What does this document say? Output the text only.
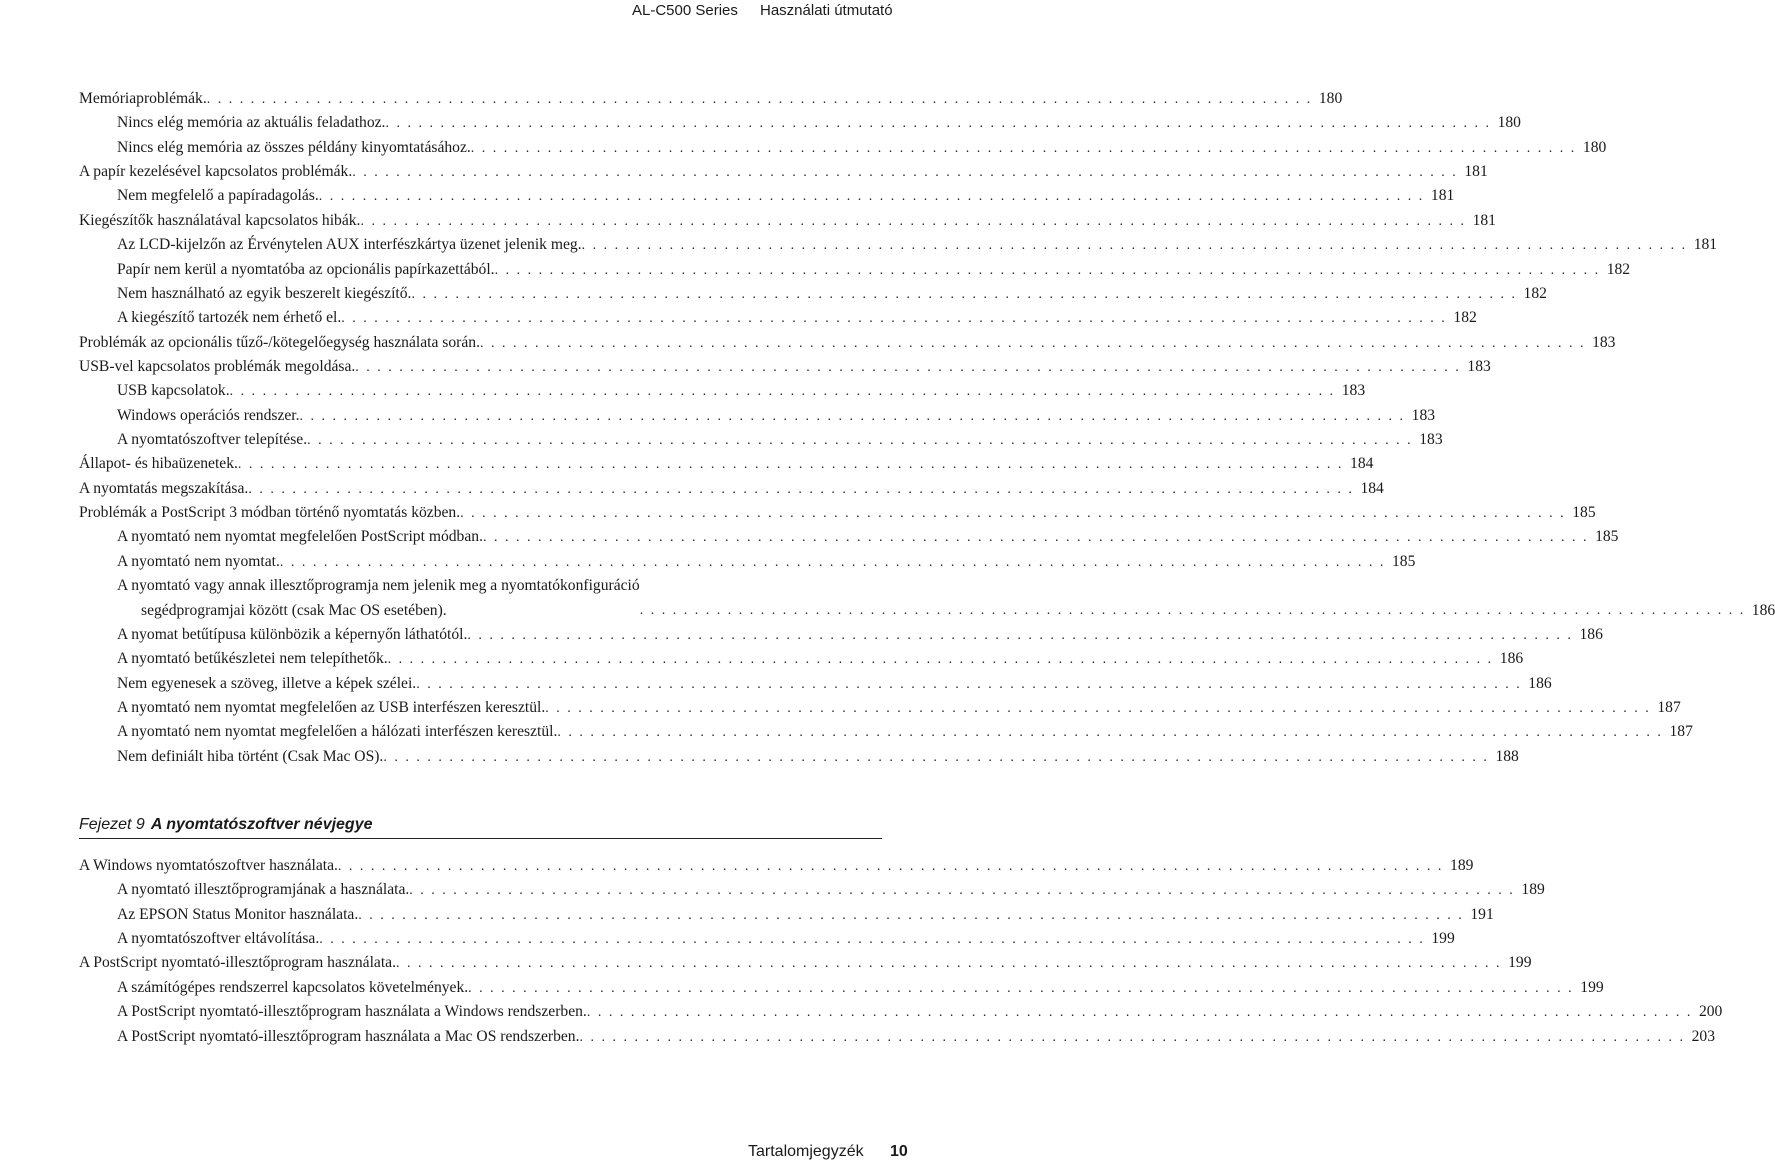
AL-C500 Series Használati útmutató
Memóriaproblémák. . . . . . . . . . . . . . . . . . . . . . . . . . . . . . . . . . . . . . . . . . . . . . . . . . . . . . . . . . . . . . . . . . . . . . . . . . . . . . . . . . . . . . . . . . . . . . . . . . . . . . 180
Nincs elég memória az aktuális feladathoz. . . . . . . . . . . . . . . . . . . . . . . . . . . . . . . . . . . . . . . . . . . . . . . . . . . . . . . . . . . . . . . . . . . . . . . . . . . . . . . . . . . . . . . . . . . . . . . . . . . . . . 180
Nincs elég memória az összes példány kinyomtatásához. . . . . . . . . . . . . . . . . . . . . . . . . . . . . . . . . . . . . . . . . . . . . . . . . . . . . . . . . . . . . . . . . . . . . . . . . . . . . . . . . . . . . . . . . . . . . . . . . . . . . . 180
A papír kezelésével kapcsolatos problémák. . . . . . . . . . . . . . . . . . . . . . . . . . . . . . . . . . . . . . . . . . . . . . . . . . . . . . . . . . . . . . . . . . . . . . . . . . . . . . . . . . . . . . . . . . . . . . . . . . . . . . 181
Nem megfelelő a papíradagolás. . . . . . . . . . . . . . . . . . . . . . . . . . . . . . . . . . . . . . . . . . . . . . . . . . . . . . . . . . . . . . . . . . . . . . . . . . . . . . . . . . . . . . . . . . . . . . . . . . . . . . 181
Kiegészítők használatával kapcsolatos hibák. . . . . . . . . . . . . . . . . . . . . . . . . . . . . . . . . . . . . . . . . . . . . . . . . . . . . . . . . . . . . . . . . . . . . . . . . . . . . . . . . . . . . . . . . . . . . . . . . . . . . . 181
Az LCD-kijelzőn az Érvénytelen AUX interfészkártya üzenet jelenik meg. . . . . . . . . . . . . . . . . . . . . . . . . . . . . . . . . . . . . . . . . . . . . . . . . . . . . . . . . . . . . . . . . . . . . . . . . . . . . . . . . . . . . . . . . . . . . . . . . . . . . . 181
Papír nem kerül a nyomtatóba az opcionális papírkazettából. . . . . . . . . . . . . . . . . . . . . . . . . . . . . . . . . . . . . . . . . . . . . . . . . . . . . . . . . . . . . . . . . . . . . . . . . . . . . . . . . . . . . . . . . . . . . . . . . . . . . . 182
Nem használható az egyik beszerelt kiegészítő. . . . . . . . . . . . . . . . . . . . . . . . . . . . . . . . . . . . . . . . . . . . . . . . . . . . . . . . . . . . . . . . . . . . . . . . . . . . . . . . . . . . . . . . . . . . . . . . . . . . . . 182
A kiegészítő tartozék nem érhető el. . . . . . . . . . . . . . . . . . . . . . . . . . . . . . . . . . . . . . . . . . . . . . . . . . . . . . . . . . . . . . . . . . . . . . . . . . . . . . . . . . . . . . . . . . . . . . . . . . . . . . 182
Problémák az opcionális tűző-/kötegelőegység használata során. . . . . . . . . . . . . . . . . . . . . . . . . . . . . . . . . . . . . . . . . . . . . . . . . . . . . . . . . . . . . . . . . . . . . . . . . . . . . . . . . . . . . . . . . . . . . . . . . . . . . . 183
USB-vel kapcsolatos problémák megoldása. . . . . . . . . . . . . . . . . . . . . . . . . . . . . . . . . . . . . . . . . . . . . . . . . . . . . . . . . . . . . . . . . . . . . . . . . . . . . . . . . . . . . . . . . . . . . . . . . . . . . . 183
USB kapcsolatok. . . . . . . . . . . . . . . . . . . . . . . . . . . . . . . . . . . . . . . . . . . . . . . . . . . . . . . . . . . . . . . . . . . . . . . . . . . . . . . . . . . . . . . . . . . . . . . . . . . . . . 183
Windows operációs rendszer. . . . . . . . . . . . . . . . . . . . . . . . . . . . . . . . . . . . . . . . . . . . . . . . . . . . . . . . . . . . . . . . . . . . . . . . . . . . . . . . . . . . . . . . . . . . . . . . . . . . . . 183
A nyomtatószoftver telepítése. . . . . . . . . . . . . . . . . . . . . . . . . . . . . . . . . . . . . . . . . . . . . . . . . . . . . . . . . . . . . . . . . . . . . . . . . . . . . . . . . . . . . . . . . . . . . . . . . . . . . . 183
Állapot- és hibaüzenetek. . . . . . . . . . . . . . . . . . . . . . . . . . . . . . . . . . . . . . . . . . . . . . . . . . . . . . . . . . . . . . . . . . . . . . . . . . . . . . . . . . . . . . . . . . . . . . . . . . . . . . 184
A nyomtatás megszakítása. . . . . . . . . . . . . . . . . . . . . . . . . . . . . . . . . . . . . . . . . . . . . . . . . . . . . . . . . . . . . . . . . . . . . . . . . . . . . . . . . . . . . . . . . . . . . . . . . . . . . . 184
Problémák a PostScript 3 módban történő nyomtatás közben. . . . . . . . . . . . . . . . . . . . . . . . . . . . . . . . . . . . . . . . . . . . . . . . . . . . . . . . . . . . . . . . . . . . . . . . . . . . . . . . . . . . . . . . . . . . . . . . . . . . . . 185
A nyomtató nem nyomtat megfelelően PostScript módban. . . . . . . . . . . . . . . . . . . . . . . . . . . . . . . . . . . . . . . . . . . . . . . . . . . . . . . . . . . . . . . . . . . . . . . . . . . . . . . . . . . . . . . . . . . . . . . . . . . . . . 185
A nyomtató nem nyomtat. . . . . . . . . . . . . . . . . . . . . . . . . . . . . . . . . . . . . . . . . . . . . . . . . . . . . . . . . . . . . . . . . . . . . . . . . . . . . . . . . . . . . . . . . . . . . . . . . . . . . . 185
A nyomtató vagy annak illesztőprogramja nem jelenik meg a nyomtatókonfiguráció
segédprogramjai között (csak Mac OS esetében).	. . . . . . . . . . . . . . . . . . . . . . . . . . . . . . . . . . . . . . . . . . . . . . . . . . . . . . . . . . . . . . . . . . . . . . . . . . . . . . . . . . . . . . . . . . . . . . . . . . . . . 186
A nyomat betűtípusa különbözik a képernyőn láthatótól. . . . . . . . . . . . . . . . . . . . . . . . . . . . . . . . . . . . . . . . . . . . . . . . . . . . . . . . . . . . . . . . . . . . . . . . . . . . . . . . . . . . . . . . . . . . . . . . . . . . . . 186
A nyomtató betűkészletei nem telepíthetők. . . . . . . . . . . . . . . . . . . . . . . . . . . . . . . . . . . . . . . . . . . . . . . . . . . . . . . . . . . . . . . . . . . . . . . . . . . . . . . . . . . . . . . . . . . . . . . . . . . . . . 186
Nem egyenesek a szöveg, illetve a képek szélei. . . . . . . . . . . . . . . . . . . . . . . . . . . . . . . . . . . . . . . . . . . . . . . . . . . . . . . . . . . . . . . . . . . . . . . . . . . . . . . . . . . . . . . . . . . . . . . . . . . . . . 186
A nyomtató nem nyomtat megfelelően az USB interfészen keresztül. . . . . . . . . . . . . . . . . . . . . . . . . . . . . . . . . . . . . . . . . . . . . . . . . . . . . . . . . . . . . . . . . . . . . . . . . . . . . . . . . . . . . . . . . . . . . . . . . . . . . . 187
A nyomtató nem nyomtat megfelelően a hálózati interfészen keresztül. . . . . . . . . . . . . . . . . . . . . . . . . . . . . . . . . . . . . . . . . . . . . . . . . . . . . . . . . . . . . . . . . . . . . . . . . . . . . . . . . . . . . . . . . . . . . . . . . . . . . . 187
Nem definiált hiba történt (Csak Mac OS). . . . . . . . . . . . . . . . . . . . . . . . . . . . . . . . . . . . . . . . . . . . . . . . . . . . . . . . . . . . . . . . . . . . . . . . . . . . . . . . . . . . . . . . . . . . . . . . . . . . . . 188
Fejezet 9 A nyomtatószoftver névjegye
A Windows nyomtatószoftver használata. . . . . . . . . . . . . . . . . . . . . . . . . . . . . . . . . . . . . . . . . . . . . . . . . . . . . . . . . . . . . . . . . . . . . . . . . . . . . . . . . . . . . . . . . . . . . . . . . . . . . . 189
A nyomtató illesztőprogramjának a használata. . . . . . . . . . . . . . . . . . . . . . . . . . . . . . . . . . . . . . . . . . . . . . . . . . . . . . . . . . . . . . . . . . . . . . . . . . . . . . . . . . . . . . . . . . . . . . . . . . . . . . 189
Az EPSON Status Monitor használata. . . . . . . . . . . . . . . . . . . . . . . . . . . . . . . . . . . . . . . . . . . . . . . . . . . . . . . . . . . . . . . . . . . . . . . . . . . . . . . . . . . . . . . . . . . . . . . . . . . . . . 191
A nyomtatószoftver eltávolítása. . . . . . . . . . . . . . . . . . . . . . . . . . . . . . . . . . . . . . . . . . . . . . . . . . . . . . . . . . . . . . . . . . . . . . . . . . . . . . . . . . . . . . . . . . . . . . . . . . . . . . 199
A PostScript nyomtató-illesztőprogram használata. . . . . . . . . . . . . . . . . . . . . . . . . . . . . . . . . . . . . . . . . . . . . . . . . . . . . . . . . . . . . . . . . . . . . . . . . . . . . . . . . . . . . . . . . . . . . . . . . . . . . . 199
A számítógépes rendszerrel kapcsolatos követelmények. . . . . . . . . . . . . . . . . . . . . . . . . . . . . . . . . . . . . . . . . . . . . . . . . . . . . . . . . . . . . . . . . . . . . . . . . . . . . . . . . . . . . . . . . . . . . . . . . . . . . . 199
A PostScript nyomtató-illesztőprogram használata a Windows rendszerben. . . . . . . . . . . . . . . . . . . . . . . . . . . . . . . . . . . . . . . . . . . . . . . . . . . . . . . . . . . . . . . . . . . . . . . . . . . . . . . . . . . . . . . . . . . . . . . . . . . . . . 200
A PostScript nyomtató-illesztőprogram használata a Mac OS rendszerben. . . . . . . . . . . . . . . . . . . . . . . . . . . . . . . . . . . . . . . . . . . . . . . . . . . . . . . . . . . . . . . . . . . . . . . . . . . . . . . . . . . . . . . . . . . . . . . . . . . . . . 203
Tartalomjegyzék 10
